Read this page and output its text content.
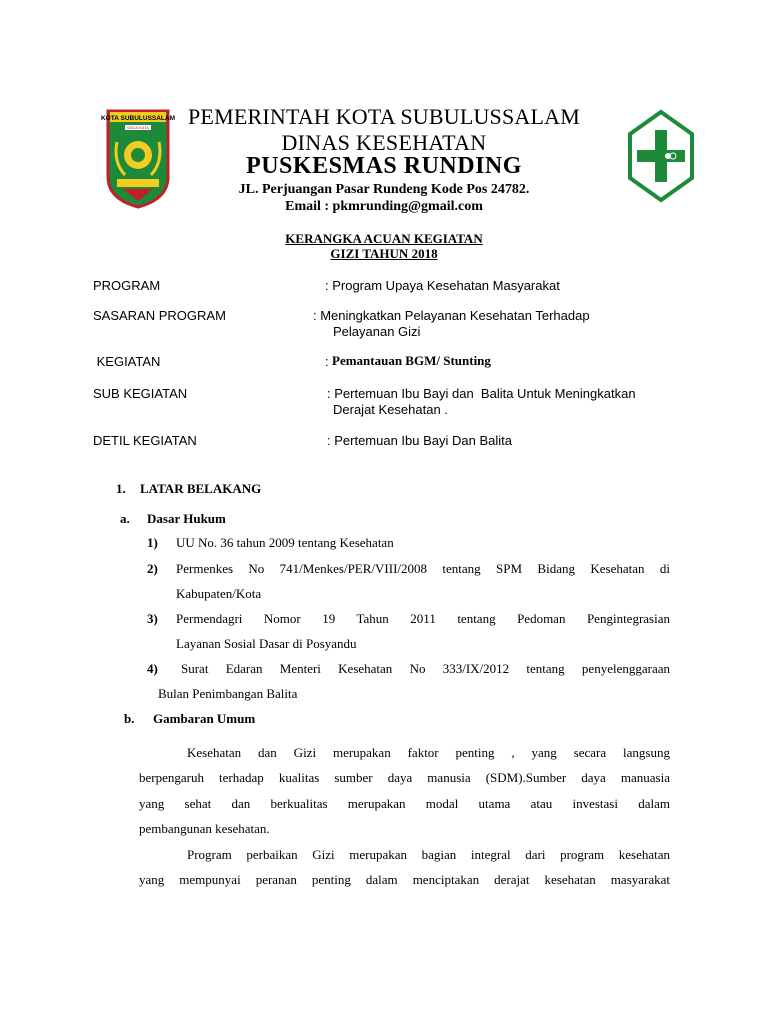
KOTA SUBULUSSALAM
SADA KATA	PEMERINTAH KOTA SUBULUSSALAM
DINAS KESEHATAN
PUSKESMAS RUNDING
JL. Perjuangan Pasar Rundeng Kode Pos 24782.
Email : pkmrunding@gmail.com
KERANGKA ACUAN KEGIATAN
GIZI TAHUN 2018
PROGRAM	: Program Upaya Kesehatan Masyarakat
SASARAN PROGRAM	: Meningkatkan Pelayanan Kesehatan Terhadap
Pelayanan Gizi
KEGIATAN	: Pemantauan BGM/ Stunting
SUB KEGIATAN	: Pertemuan Ibu Bayi dan  Balita Untuk Meningkatkan
Derajat Kesehatan .
DETIL KEGIATAN	: Pertemuan Ibu Bayi Dan Balita
1. LATAR BELAKANG
a. Dasar Hukum
1) UU No. 36 tahun 2009 tentang Kesehatan
2) Permenkes No 741/Menkes/PER/VIII/2008 tentang SPM Bidang Kesehatan di
Kabupaten/Kota
3) Permendagri Nomor 19 Tahun 2011 tentang Pedoman Pengintegrasian
Layanan Sosial Dasar di Posyandu
4) Surat Edaran Menteri Kesehatan No 333/IX/2012 tentang penyelenggaraan
Bulan Penimbangan Balita
b. Gambaran Umum
Kesehatan dan Gizi merupakan faktor penting , yang secara langsung
berpengaruh terhadap kualitas sumber daya manusia (SDM).Sumber daya manuasia
yang sehat dan berkualitas merupakan modal utama atau investasi dalam
pembangunan kesehatan.
Program perbaikan Gizi merupakan bagian integral dari program kesehatan
yang mempunyai peranan penting dalam menciptakan derajat kesehatan masyarakat
